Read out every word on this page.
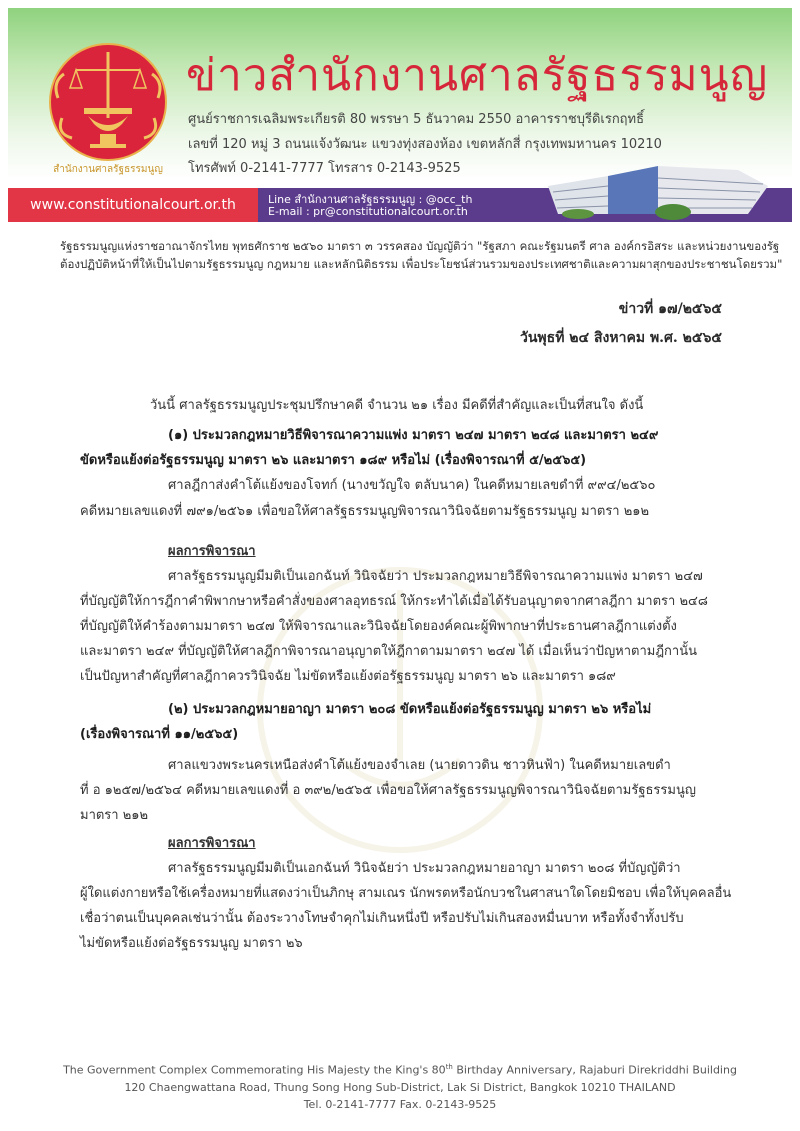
สำนักงานศาลรัฐธรรมนูญ
ข่าวสำนักงานศาลรัฐธรรมนูญ
ศูนย์ราชการเฉลิมพระเกียรติ 80 พรรษา 5 ธันวาคม 2550 อาคารราชบุรีดิเรกฤทธิ์
เลขที่ 120 หมู่ 3 ถนนแจ้งวัฒนะ แขวงทุ่งสองห้อง เขตหลักสี่ กรุงเทพมหานคร 10210
โทรศัพท์ 0-2141-7777 โทรสาร 0-2143-9525
www.constitutionalcourt.or.th	Line สำนักงานศาลรัฐธรรมนูญ : @occ_th
E-mail : pr@constitutionalcourt.or.th
รัฐธรรมนูญแห่งราชอาณาจักรไทย พุทธศักราช ๒๕๖๐ มาตรา ๓ วรรคสอง บัญญัติว่า "รัฐสภา คณะรัฐมนตรี ศาล องค์กรอิสระ และหน่วยงานของรัฐ
ต้องปฏิบัติหน้าที่ให้เป็นไปตามรัฐธรรมนูญ กฎหมาย และหลักนิติธรรม เพื่อประโยชน์ส่วนรวมของประเทศชาติและความผาสุกของประชาชนโดยรวม"
ข่าวที่ ๑๗/๒๕๖๕
วันพุธที่ ๒๔ สิงหาคม พ.ศ. ๒๕๖๕
วันนี้ ศาลรัฐธรรมนูญประชุมปรึกษาคดี จำนวน ๒๑ เรื่อง มีคดีที่สำคัญและเป็นที่สนใจ ดังนี้
(๑) ประมวลกฎหมายวิธีพิจารณาความแพ่ง มาตรา ๒๔๗ มาตรา ๒๔๘ และมาตรา ๒๔๙
ขัดหรือแย้งต่อรัฐธรรมนูญ มาตรา ๒๖ และมาตรา ๑๘๙ หรือไม่ (เรื่องพิจารณาที่ ๕/๒๕๖๕)
ศาลฎีกาส่งคำโต้แย้งของโจทก์ (นางขวัญใจ ตลับนาค) ในคดีหมายเลขดำที่ ๙๙๔/๒๕๖๐
คดีหมายเลขแดงที่ ๗๙๑/๒๕๖๑ เพื่อขอให้ศาลรัฐธรรมนูญพิจารณาวินิจฉัยตามรัฐธรรมนูญ มาตรา ๒๑๒
ผลการพิจารณา
ศาลรัฐธรรมนูญมีมติเป็นเอกฉันท์ วินิจฉัยว่า ประมวลกฎหมายวิธีพิจารณาความแพ่ง มาตรา ๒๔๗
ที่บัญญัติให้การฎีกาคำพิพากษาหรือคำสั่งของศาลอุทธรณ์ ให้กระทำได้เมื่อได้รับอนุญาตจากศาลฎีกา มาตรา ๒๔๘
ที่บัญญัติให้คำร้องตามมาตรา ๒๔๗ ให้พิจารณาและวินิจฉัยโดยองค์คณะผู้พิพากษาที่ประธานศาลฎีกาแต่งตั้ง
และมาตรา ๒๔๙ ที่บัญญัติให้ศาลฎีกาพิจารณาอนุญาตให้ฎีกาตามมาตรา ๒๔๗ ได้ เมื่อเห็นว่าปัญหาตามฎีกานั้น
เป็นปัญหาสำคัญที่ศาลฎีกาควรวินิจฉัย ไม่ขัดหรือแย้งต่อรัฐธรรมนูญ มาตรา ๒๖ และมาตรา ๑๘๙
(๒) ประมวลกฎหมายอาญา มาตรา ๒๐๘ ขัดหรือแย้งต่อรัฐธรรมนูญ มาตรา ๒๖ หรือไม่
(เรื่องพิจารณาที่ ๑๑/๒๕๖๕)
ศาลแขวงพระนครเหนือส่งคำโต้แย้งของจำเลย (นายดาวดิน ชาวหินฟ้า) ในคดีหมายเลขดำ
ที่ อ ๑๒๕๗/๒๕๖๔ คดีหมายเลขแดงที่ อ ๓๙๒/๒๕๖๕ เพื่อขอให้ศาลรัฐธรรมนูญพิจารณาวินิจฉัยตามรัฐธรรมนูญ
มาตรา ๒๑๒
ผลการพิจารณา
ศาลรัฐธรรมนูญมีมติเป็นเอกฉันท์ วินิจฉัยว่า ประมวลกฎหมายอาญา มาตรา ๒๐๘ ที่บัญญัติว่า
ผู้ใดแต่งกายหรือใช้เครื่องหมายที่แสดงว่าเป็นภิกษุ สามเณร นักพรตหรือนักบวชในศาสนาใดโดยมิชอบ เพื่อให้บุคคลอื่น
เชื่อว่าตนเป็นบุคคลเช่นว่านั้น ต้องระวางโทษจำคุกไม่เกินหนึ่งปี หรือปรับไม่เกินสองหมื่นบาท หรือทั้งจำทั้งปรับ
ไม่ขัดหรือแย้งต่อรัฐธรรมนูญ มาตรา ๒๖
The Government Complex Commemorating His Majesty the King's 80th Birthday Anniversary, Rajaburi Direkriddhi Building
120 Chaengwattana Road, Thung Song Hong Sub-District, Lak Si District, Bangkok 10210 THAILAND
Tel. 0-2141-7777 Fax. 0-2143-9525
